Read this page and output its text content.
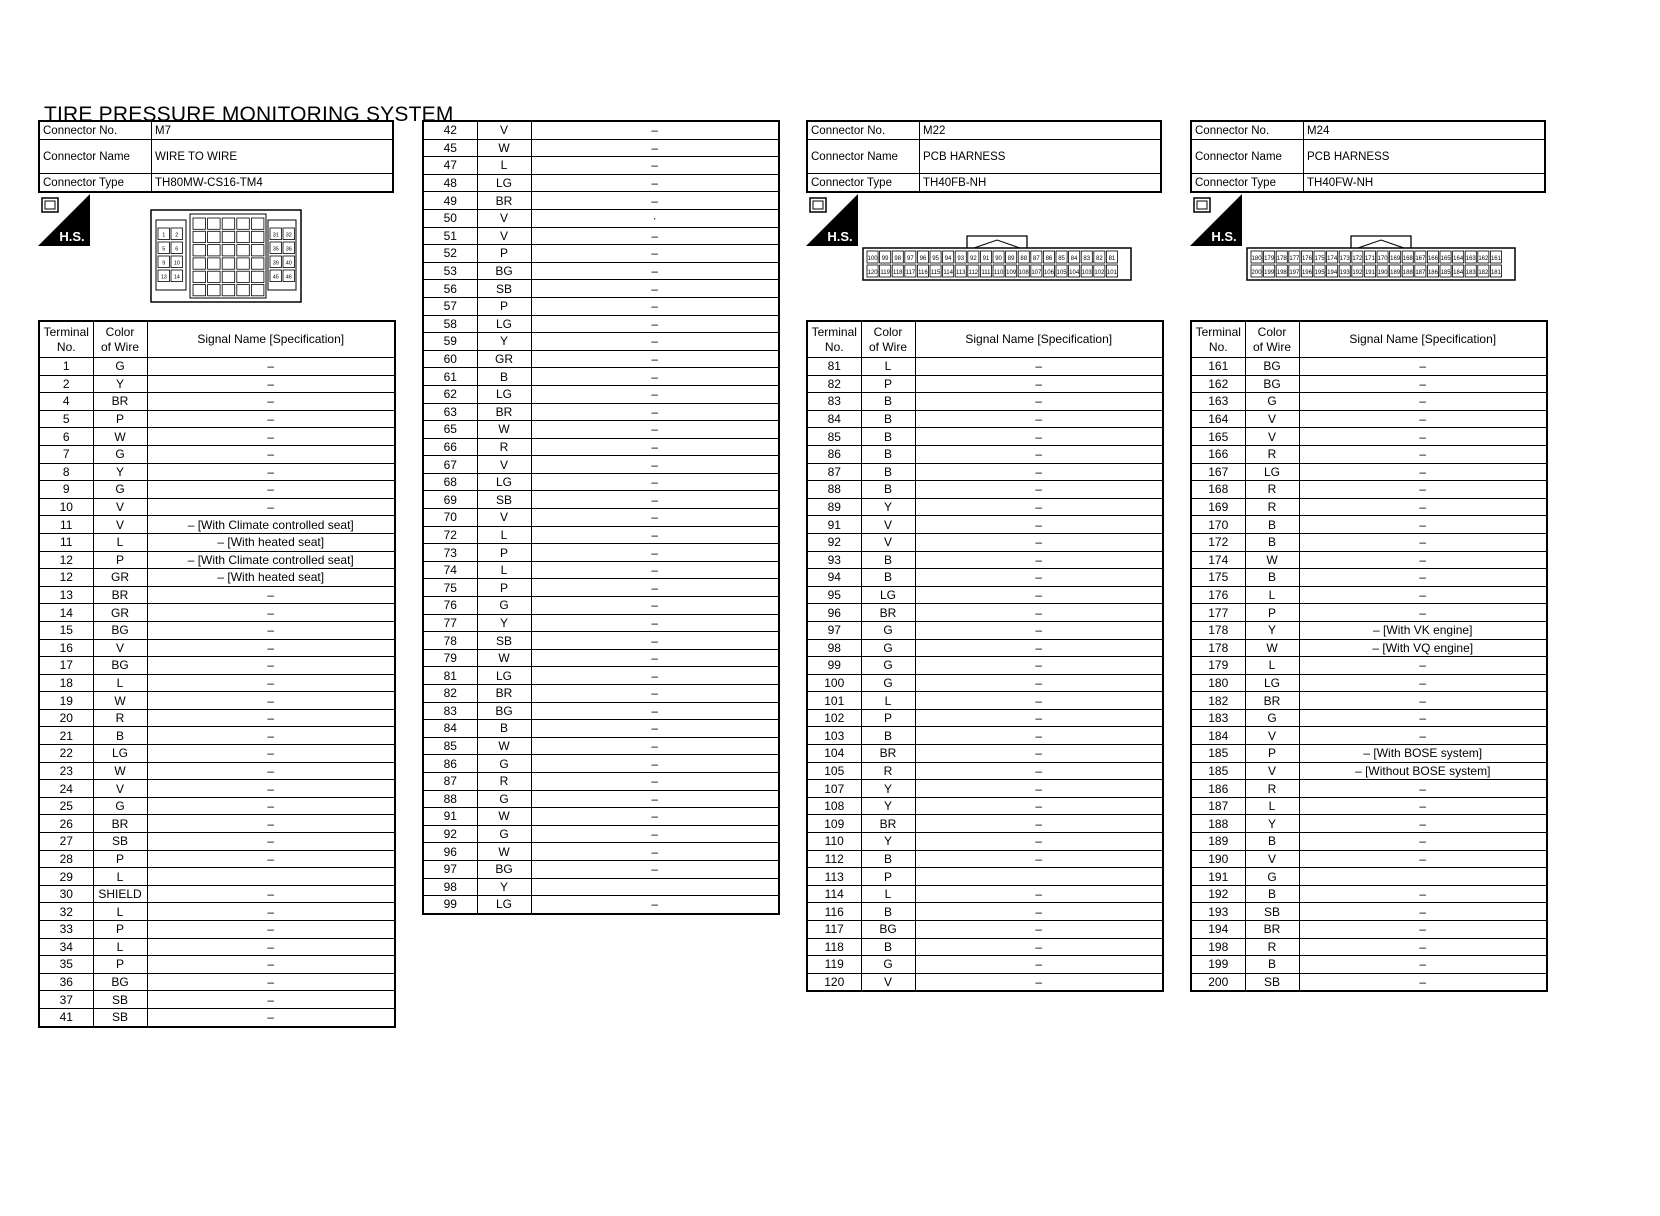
TIRE PRESSURE MONITORING SYSTEM
Connector No.	M7
Connector Name	WIRE TO WIRE
Connector Type	TH80MW-CS16-TM4
H.S.	1
5
9
13
2
6
10
14
31
35
39
45
32
36
40
46
Terminal
No.	Color
of Wire	Signal Name [Specification]
1	G	–
2	Y	–
4	BR	–
5	P	–
6	W	–
7	G	–
8	Y	–
9	G	–
10	V	–
11	V	– [With Climate controlled seat]
11	L	– [With heated seat]
12	P	– [With Climate controlled seat]
12	GR	– [With heated seat]
13	BR	–
14	GR	–
15	BG	–
16	V	–
17	BG	–
18	L	–
19	W	–
20	R	–
21	B	–
22	LG	–
23	W	–
24	V	–
25	G	–
26	BR	–
27	SB	–
28	P	–
29	L	
30	SHIELD	–
32	L	–
33	P	–
34	L	–
35	P	–
36	BG	–
37	SB	–
41	SB	–
42	V	–
45	W	–
47	L	–
48	LG	–
49	BR	–
50	V	·
51	V	–
52	P	–
53	BG	–
56	SB	–
57	P	–
58	LG	–
59	Y	–
60	GR	–
61	B	–
62	LG	–
63	BR	–
65	W	–
66	R	–
67	V	–
68	LG	–
69	SB	–
70	V	–
72	L	–
73	P	–
74	L	–
75	P	–
76	G	–
77	Y	–
78	SB	–
79	W	–
81	LG	–
82	BR	–
83	BG	–
84	B	–
85	W	–
86	G	–
87	R	–
88	G	–
91	W	–
92	G	–
96	W	–
97	BG	–
98	Y	
99	LG	–
Connector No.	M22
Connector Name	PCB HARNESS
Connector Type	TH40FB-NH
H.S.
100 99 98 97 96 95 94 93 92 91 90 89 88 87 86 85 84 83 82 81
120 119 118 117 116 115 114 113 112 111 110 109 108 107 106 105 104 103 102 101
Terminal
No.	Color
of Wire	Signal Name [Specification]
81	L	–
82	P	–
83	B	–
84	B	–
85	B	–
86	B	–
87	B	–
88	B	–
89	Y	–
91	V	–
92	V	–
93	B	–
94	B	–
95	LG	–
96	BR	–
97	G	–
98	G	–
99	G	–
100	G	–
101	L	–
102	P	–
103	B	–
104	BR	–
105	R	–
107	Y	–
108	Y	–
109	BR	–
110	Y	–
112	B	–
113	P	
114	L	–
116	B	–
117	BG	–
118	B	–
119	G	–
120	V	–
Connector No.	M24
Connector Name	PCB HARNESS
Connector Type	TH40FW-NH
H.S.
180 179 178 177 176 175 174 173 172 171 170 169 168 167 166 165 164 163 162 161
200 199 198 197 196 195 194 193 192 191 190 189 188 187 186 185 184 183 182 181
Terminal
No.	Color
of Wire	Signal Name [Specification]
161	BG	–
162	BG	–
163	G	–
164	V	–
165	V	–
166	R	–
167	LG	–
168	R	–
169	R	–
170	B	–
172	B	–
174	W	–
175	B	–
176	L	–
177	P	–
178	Y	– [With VK engine]
178	W	– [With VQ engine]
179	L	–
180	LG	–
182	BR	–
183	G	–
184	V	–
185	P	– [With BOSE system]
185	V	– [Without BOSE system]
186	R	–
187	L	–
188	Y	–
189	B	–
190	V	–
191	G	
192	B	–
193	SB	–
194	BR	–
198	R	–
199	B	–
200	SB	–
